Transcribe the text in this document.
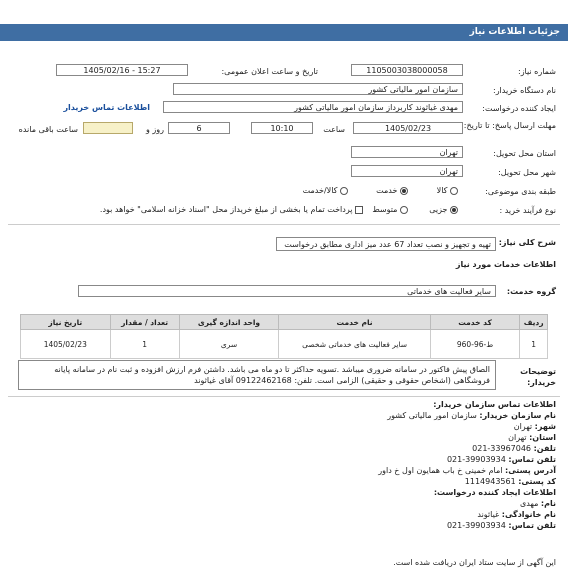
جزئیات اطلاعات نیاز
شماره نیاز:
1105003038000058
تاریخ و ساعت اعلان عمومی:
1405/02/16 - 15:27
نام دستگاه خریدار:
سازمان امور مالیاتی کشور
ایجاد کننده درخواست:
مهدی غیاثوند کاربرداز سازمان امور مالیاتی کشور
اطلاعات تماس خریدار
مهلت ارسال پاسخ: تا تاریخ:
1405/02/23
ساعت
10:10
6
روز و
ساعت باقی مانده
استان محل تحویل:
تهران
شهر محل تحویل:
تهران
طبقه بندی موضوعی:
کالا
خدمت
کالا/خدمت
نوع فرآیند خرید :
جزیی
متوسط
پرداخت تمام یا بخشی از مبلغ خریداز محل "اسناد خزانه اسلامی" خواهد بود.
شرح کلی نیاز:
تهیه و تجهیز و نصب تعداد 67 عدد میز اداری مطابق درخواست
اطلاعات خدمات مورد نیاز
گروه خدمت:
سایر فعالیت های خدماتی
ردیف	کد خدمت	نام خدمت	واحد اندازه گیری	تعداد / مقدار	تاریخ نیاز
1	ط-96-960	سایر فعالیت های خدماتی شخصی	سری	1	1405/02/23
توضیحات خریدار:
الصاق پیش فاکتور در سامانه ضروری میباشد .تسویه حداکثر تا دو ماه می باشد. داشتن فرم ارزش افزوده و ثبت نام در سامانه پایانه فروشگاهی (اشخاص حقوقی و حقیقی) الزامی است. تلفن: 09122462168 آقای غیاثوند
اطلاعات تماس سازمان خریدار:
نام سازمان خریدار: سازمان امور مالیاتی کشور
شهر: تهران
استان: تهران
تلفن: 021-33967046
تلفن تماس: 021-39903934
آدرس پستی: امام خمینی خ باب همایون اول خ داور
کد پستی: 1114943561
اطلاعات ایجاد کننده درخواست:
نام: مهدی
نام خانوادگی: غیاثوند
تلفن تماس: 021-39903934
این آگهی از سایت ستاد ایران دریافت شده است.
